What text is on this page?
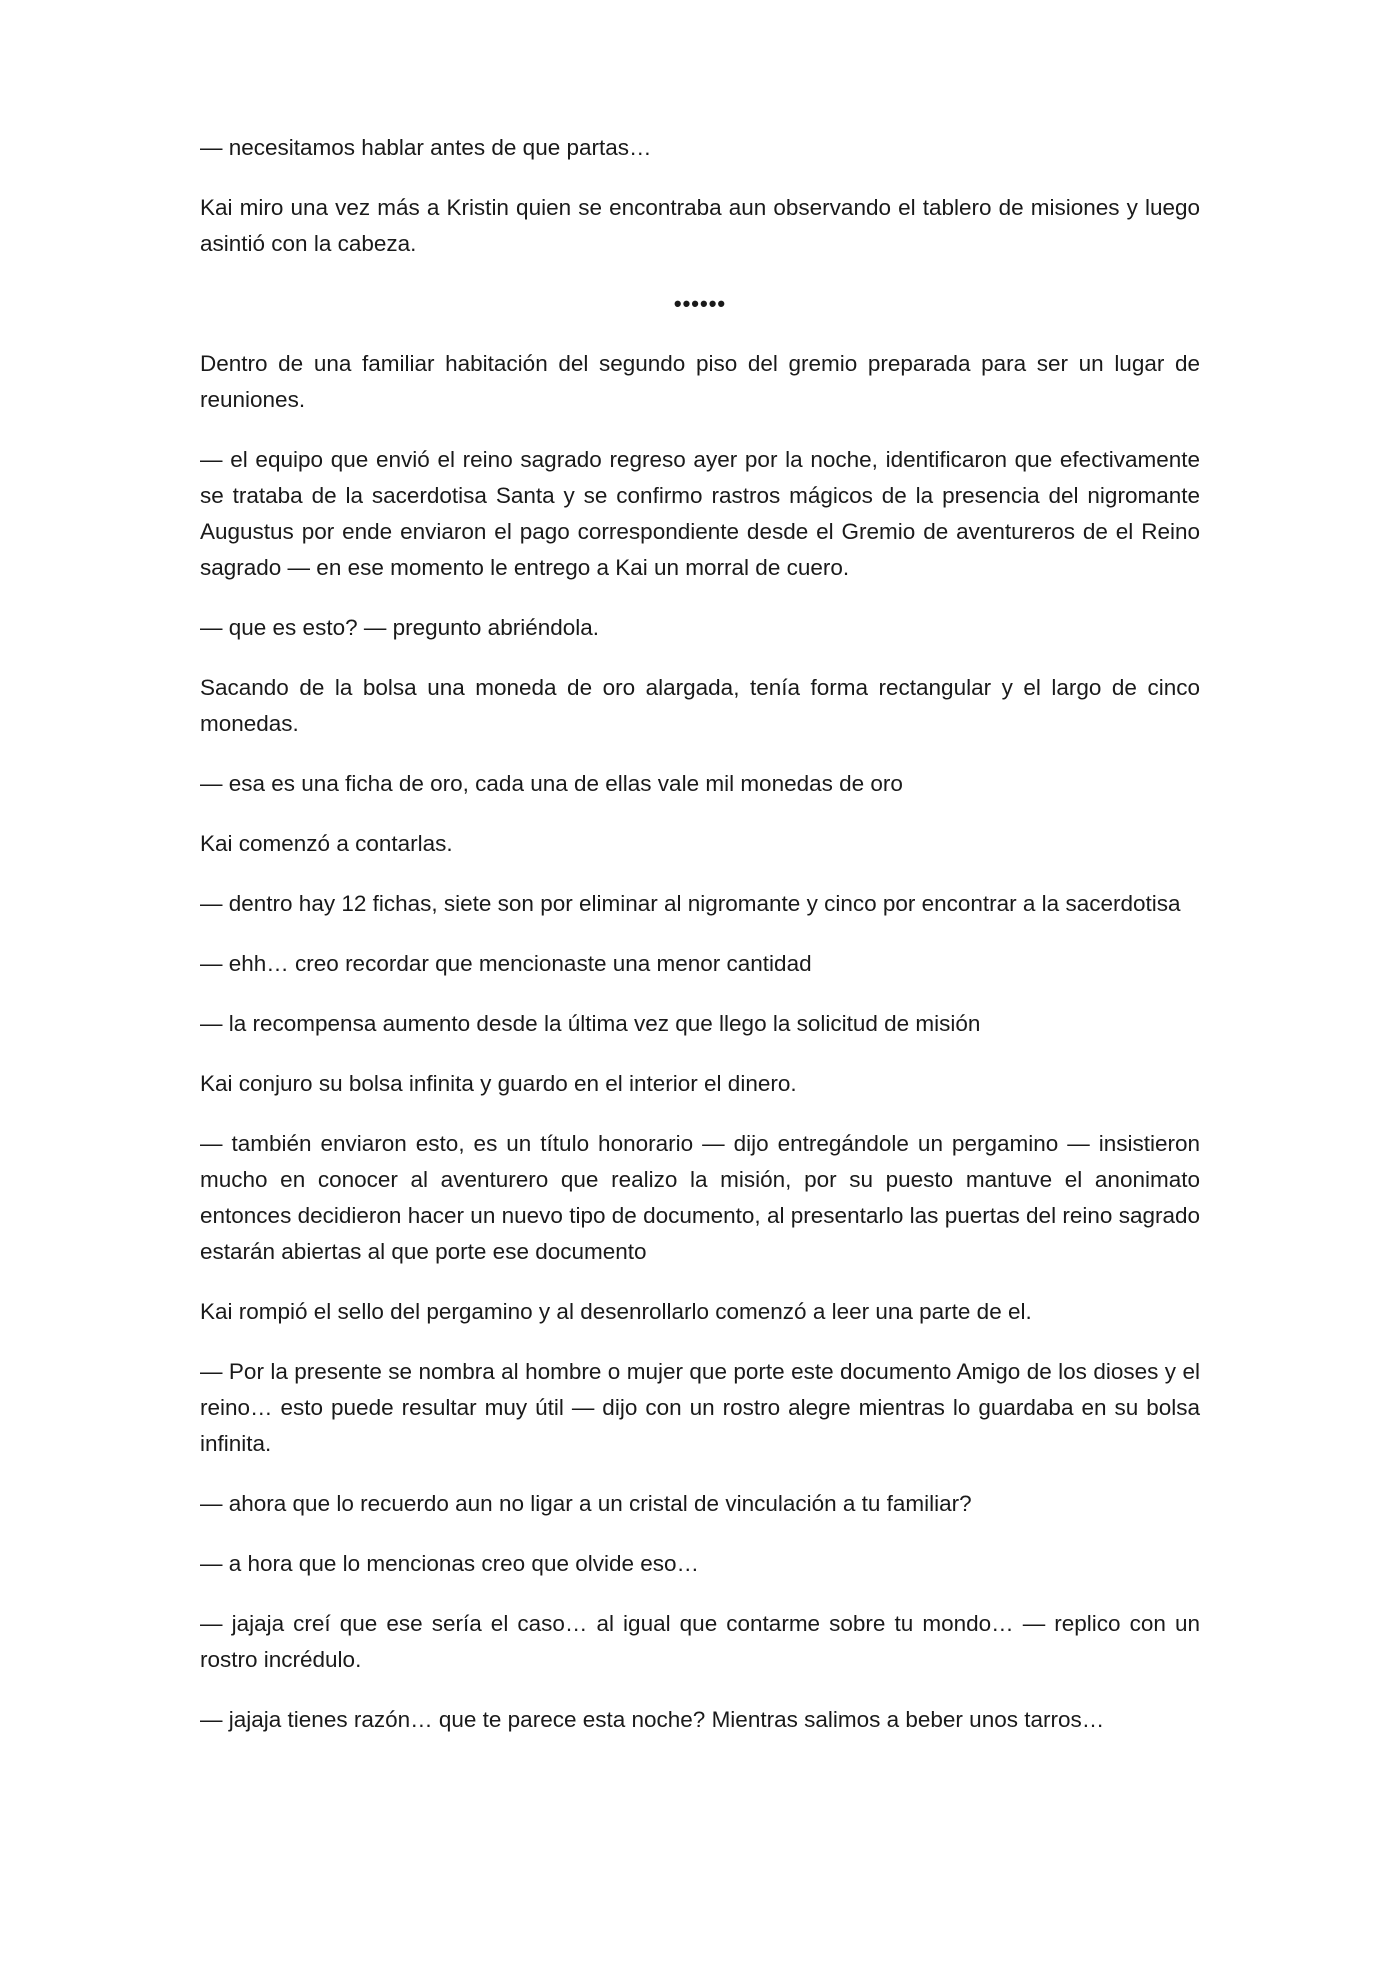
— necesitamos hablar antes de que partas…

Kai miro una vez más a Kristin quien se encontraba aun observando el tablero de misiones y luego asintió con la cabeza.

••••••

Dentro de una familiar habitación del segundo piso del gremio preparada para ser un lugar de reuniones.

— el equipo que envió el reino sagrado regreso ayer por la noche, identificaron que efectivamente se trataba de la sacerdotisa Santa y se confirmo rastros mágicos de la presencia del nigromante Augustus por ende enviaron el pago correspondiente desde el Gremio de aventureros de el Reino sagrado — en ese momento le entrego a Kai un morral de cuero.

— que es esto? — pregunto abriéndola.

Sacando de la bolsa una moneda de oro alargada, tenía forma rectangular y el largo de cinco monedas.

— esa es una ficha de oro, cada una de ellas vale mil monedas de oro

Kai comenzó a contarlas.

— dentro hay 12 fichas, siete son por eliminar al nigromante y cinco por encontrar a la sacerdotisa

— ehh… creo recordar que mencionaste una menor cantidad

— la recompensa aumento desde la última vez que llego la solicitud de misión

Kai conjuro su bolsa infinita y guardo en el interior el dinero.

— también enviaron esto, es un título honorario — dijo entregándole un pergamino — insistieron mucho en conocer al aventurero que realizo la misión, por su puesto mantuve el anonimato entonces decidieron hacer un nuevo tipo de documento, al presentarlo las puertas del reino sagrado estarán abiertas al que porte ese documento

Kai rompió el sello del pergamino y al desenrollarlo comenzó a leer una parte de el.

— Por la presente se nombra al hombre o mujer que porte este documento Amigo de los dioses y el reino… esto puede resultar muy útil — dijo con un rostro alegre mientras lo guardaba en su bolsa infinita.

— ahora que lo recuerdo aun no ligar a un cristal de vinculación a tu familiar?

— a hora que lo mencionas creo que olvide eso…

— jajaja creí que ese sería el caso… al igual que contarme sobre tu mondo… — replico con un rostro incrédulo.

— jajaja tienes razón… que te parece esta noche? Mientras salimos a beber unos tarros…
